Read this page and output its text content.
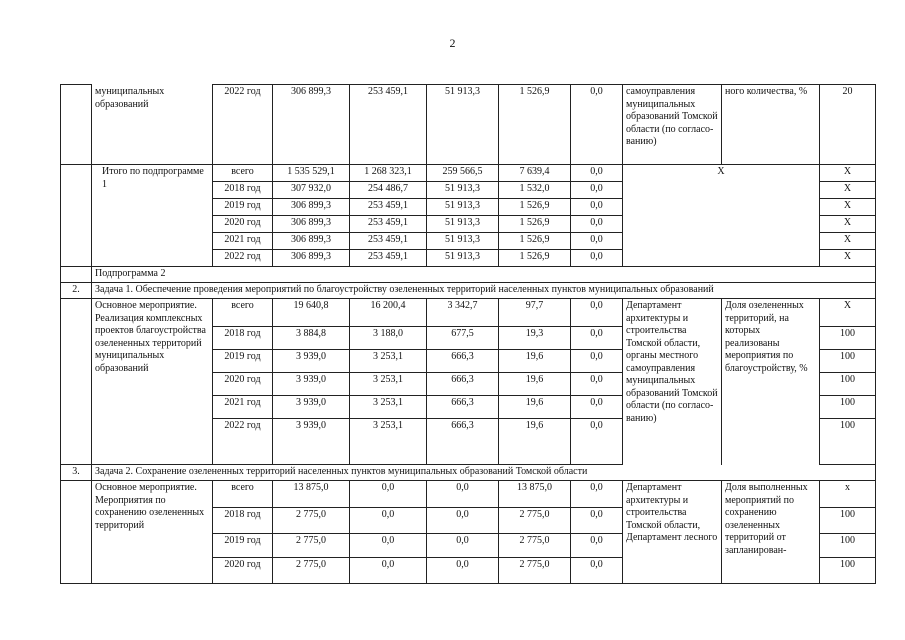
2
	муниципальных образований	2022 год	306 899,3	253 459,1	51 913,3	1 526,9	0,0	самоуправления муниципальных образований Томской области (по согласо-ванию)	ного количества, %	20
	Итого по подпрограмме 1	всего	1 535 529,1	1 268 323,1	259 566,5	7 639,4	0,0	X		X
		2018 год	307 932,0	254 486,7	51 913,3	1 532,0	0,0			X
		2019 год	306 899,3	253 459,1	51 913,3	1 526,9	0,0			X
		2020 год	306 899,3	253 459,1	51 913,3	1 526,9	0,0			X
		2021 год	306 899,3	253 459,1	51 913,3	1 526,9	0,0			X
		2022 год	306 899,3	253 459,1	51 913,3	1 526,9	0,0			X
	Подпрограмма 2									
2.	Задача 1. Обеспечение проведения мероприятий по благоустройству озелененных территорий населенных пунктов муниципальных образований									
	Основное мероприятие. Реализация комплексных проектов благоустройства озелененных территорий муниципальных образований	всего	19 640,8	16 200,4	3 342,7	97,7	0,0	Департамент архитектуры и строительства Томской области, органы местного самоуправления муниципальных образований Томской области (по согласо-ванию)	Доля озелененных территорий, на которых реализованы мероприятия по благоустройству, %	X
		2018 год	3 884,8	3 188,0	677,5	19,3	0,0			100
		2019 год	3 939,0	3 253,1	666,3	19,6	0,0			100
		2020 год	3 939,0	3 253,1	666,3	19,6	0,0			100
		2021 год	3 939,0	3 253,1	666,3	19,6	0,0			100
		2022 год	3 939,0	3 253,1	666,3	19,6	0,0			100
3.	Задача 2. Сохранение озелененных территорий населенных пунктов муниципальных образований Томской области									
	Основное мероприятие. Мероприятия по сохранению озелененных территорий	всего	13 875,0	0,0	0,0	13 875,0	0,0	Департамент архитектуры и строительства Томской области, Департамент лесного	Доля выполненных мероприятий по сохранению озелененных территорий от запланирован-	x
		2018 год	2 775,0	0,0	0,0	2 775,0	0,0			100
		2019 год	2 775,0	0,0	0,0	2 775,0	0,0			100
		2020 год	2 775,0	0,0	0,0	2 775,0	0,0			100
